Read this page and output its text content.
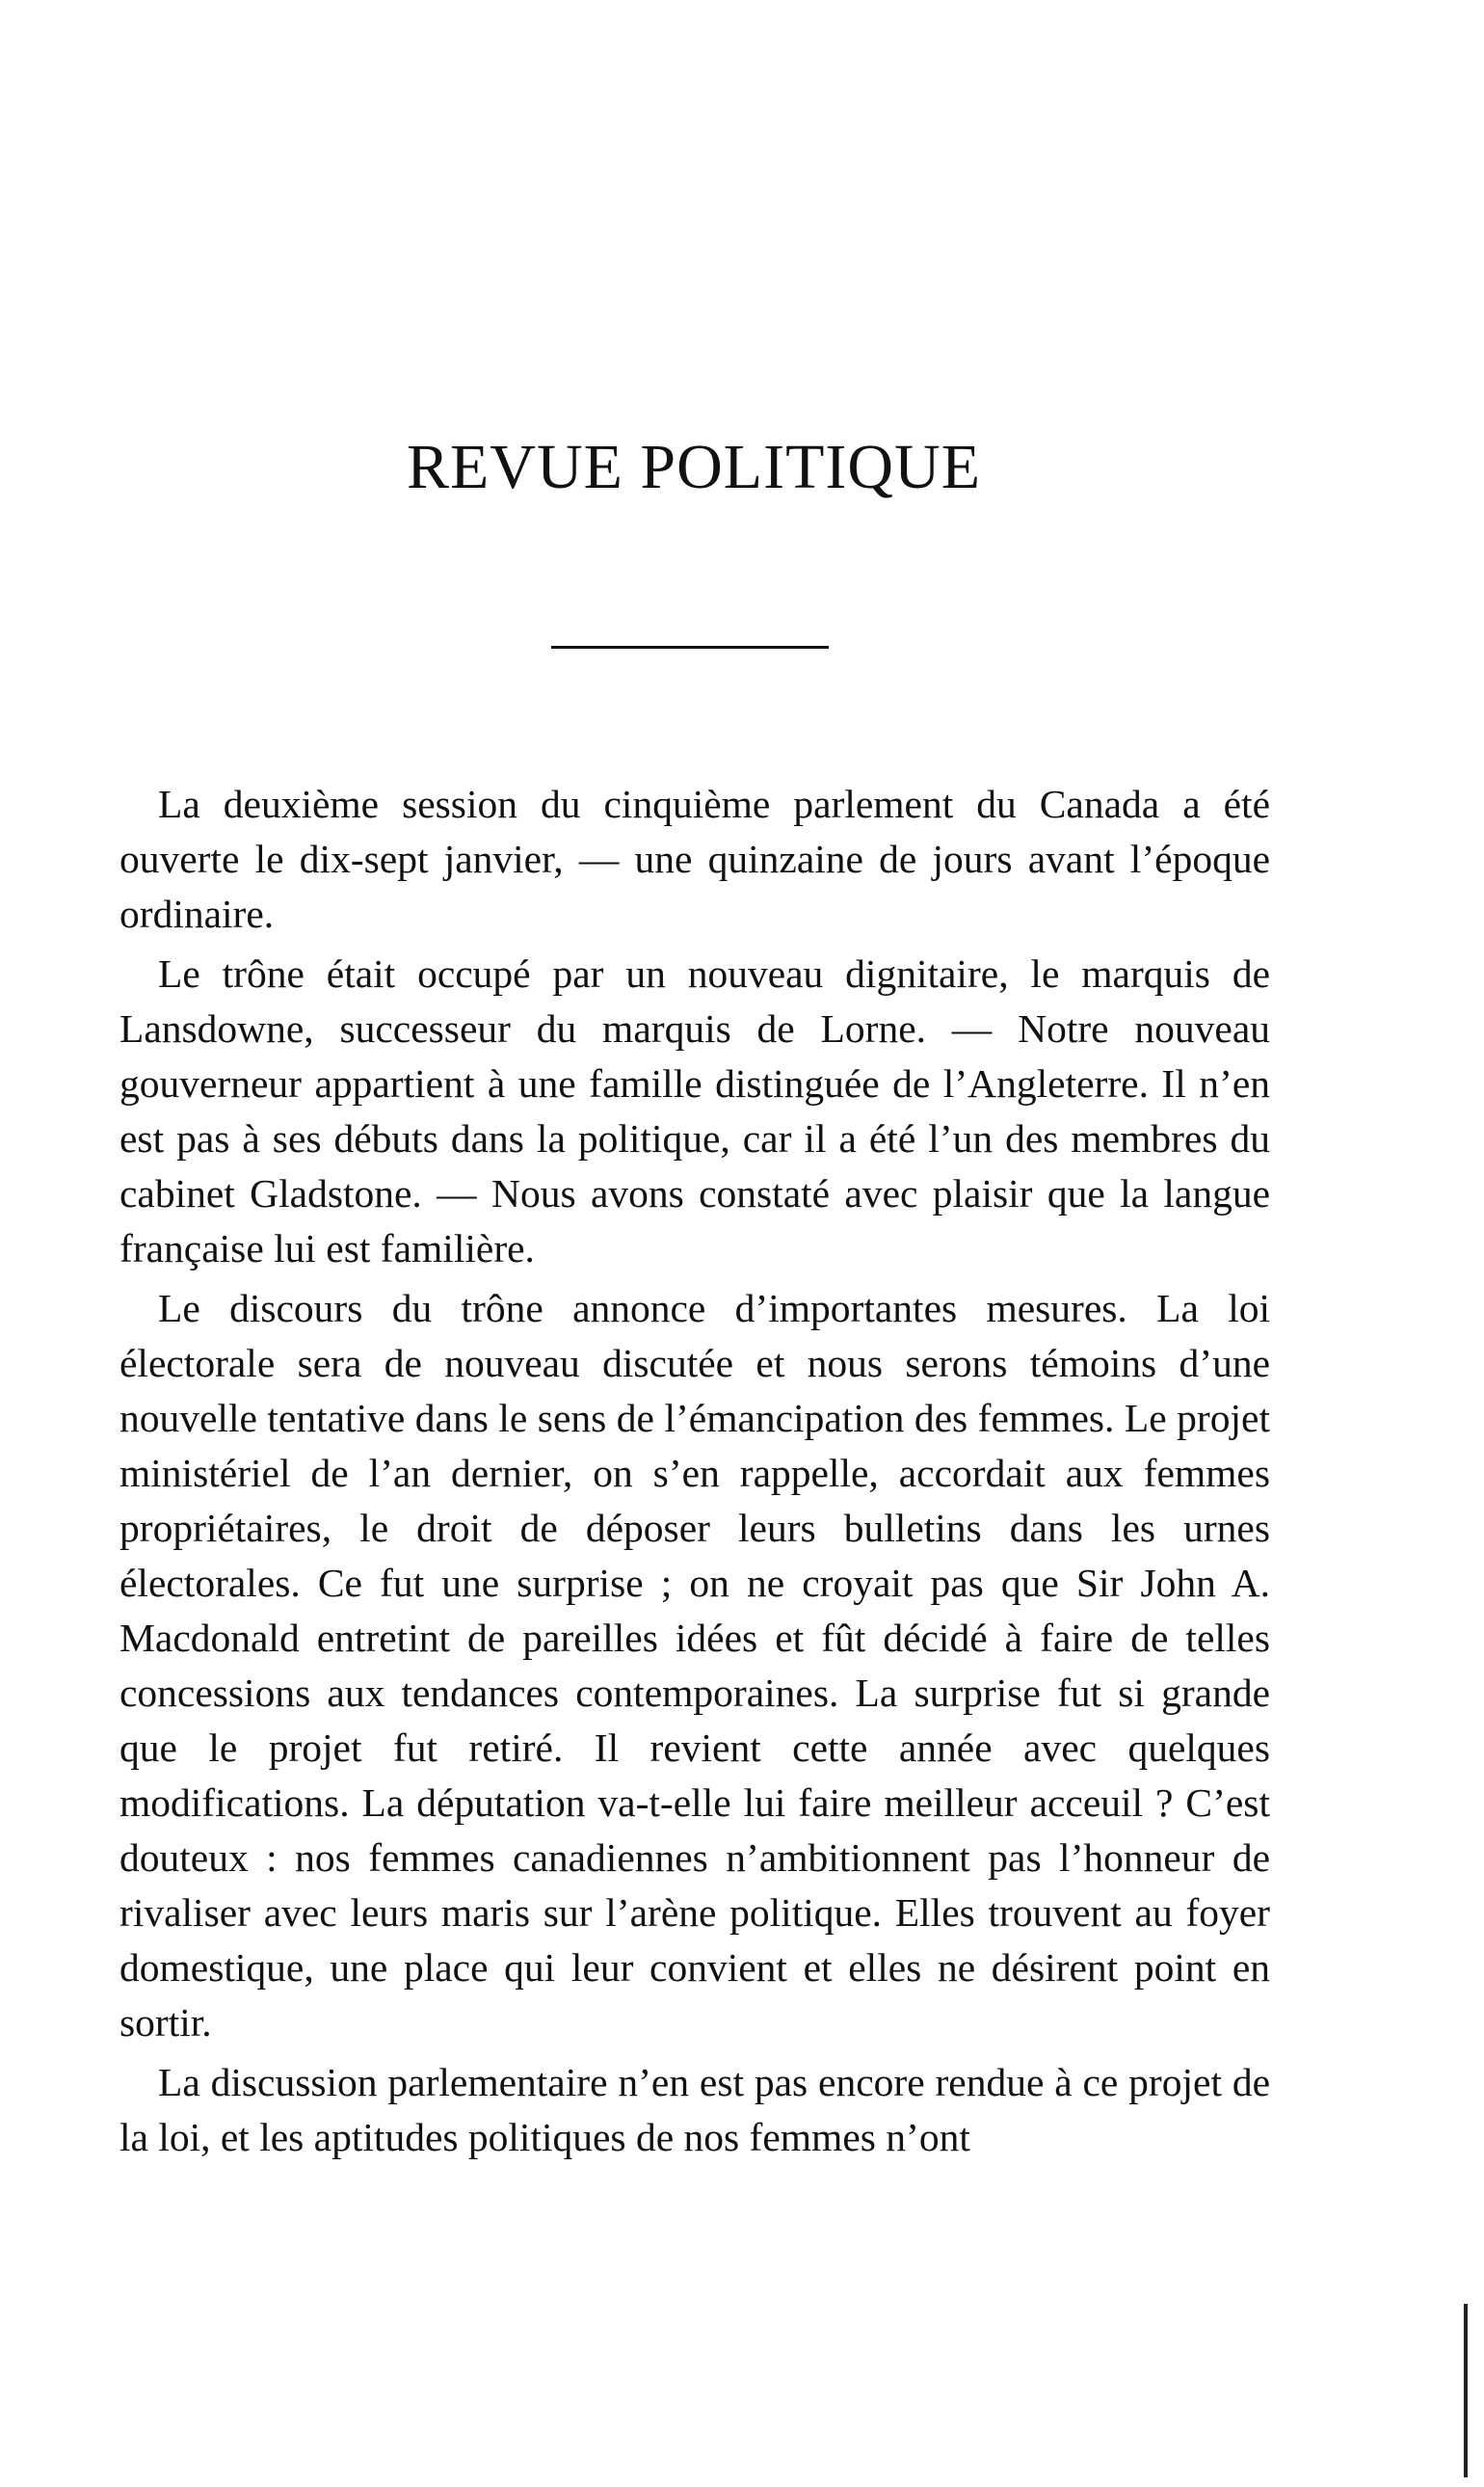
REVUE POLITIQUE

La deuxième session du cinquième parlement du Canada a été ouverte le dix-sept janvier, — une quinzaine de jours avant l’époque ordinaire.

Le trône était occupé par un nouveau dignitaire, le marquis de Lansdowne, successeur du marquis de Lorne. — Notre nouveau gouverneur appartient à une famille distinguée de l’Angleterre. Il n’en est pas à ses débuts dans la politique, car il a été l’un des membres du cabinet Gladstone. — Nous avons constaté avec plaisir que la langue française lui est familière.

Le discours du trône annonce d’importantes mesures. La loi électorale sera de nouveau discutée et nous serons témoins d’une nouvelle tentative dans le sens de l’émancipation des femmes. Le projet ministériel de l’an dernier, on s’en rappelle, accordait aux femmes propriétaires, le droit de déposer leurs bulletins dans les urnes électorales. Ce fut une surprise ; on ne croyait pas que Sir John A. Macdonald entretint de pareilles idées et fût décidé à faire de telles concessions aux tendances contemporaines. La surprise fut si grande que le projet fut retiré. Il revient cette année avec quelques modifications. La députation va-t-elle lui faire meilleur acceuil ? C’est douteux : nos femmes canadiennes n’ambitionnent pas l’honneur de rivaliser avec leurs maris sur l’arène politique. Elles trouvent au foyer domestique, une place qui leur convient et elles ne désirent point en sortir.

La discussion parlementaire n’en est pas encore rendue à ce projet de la loi, et les aptitudes politiques de nos femmes n’ont
